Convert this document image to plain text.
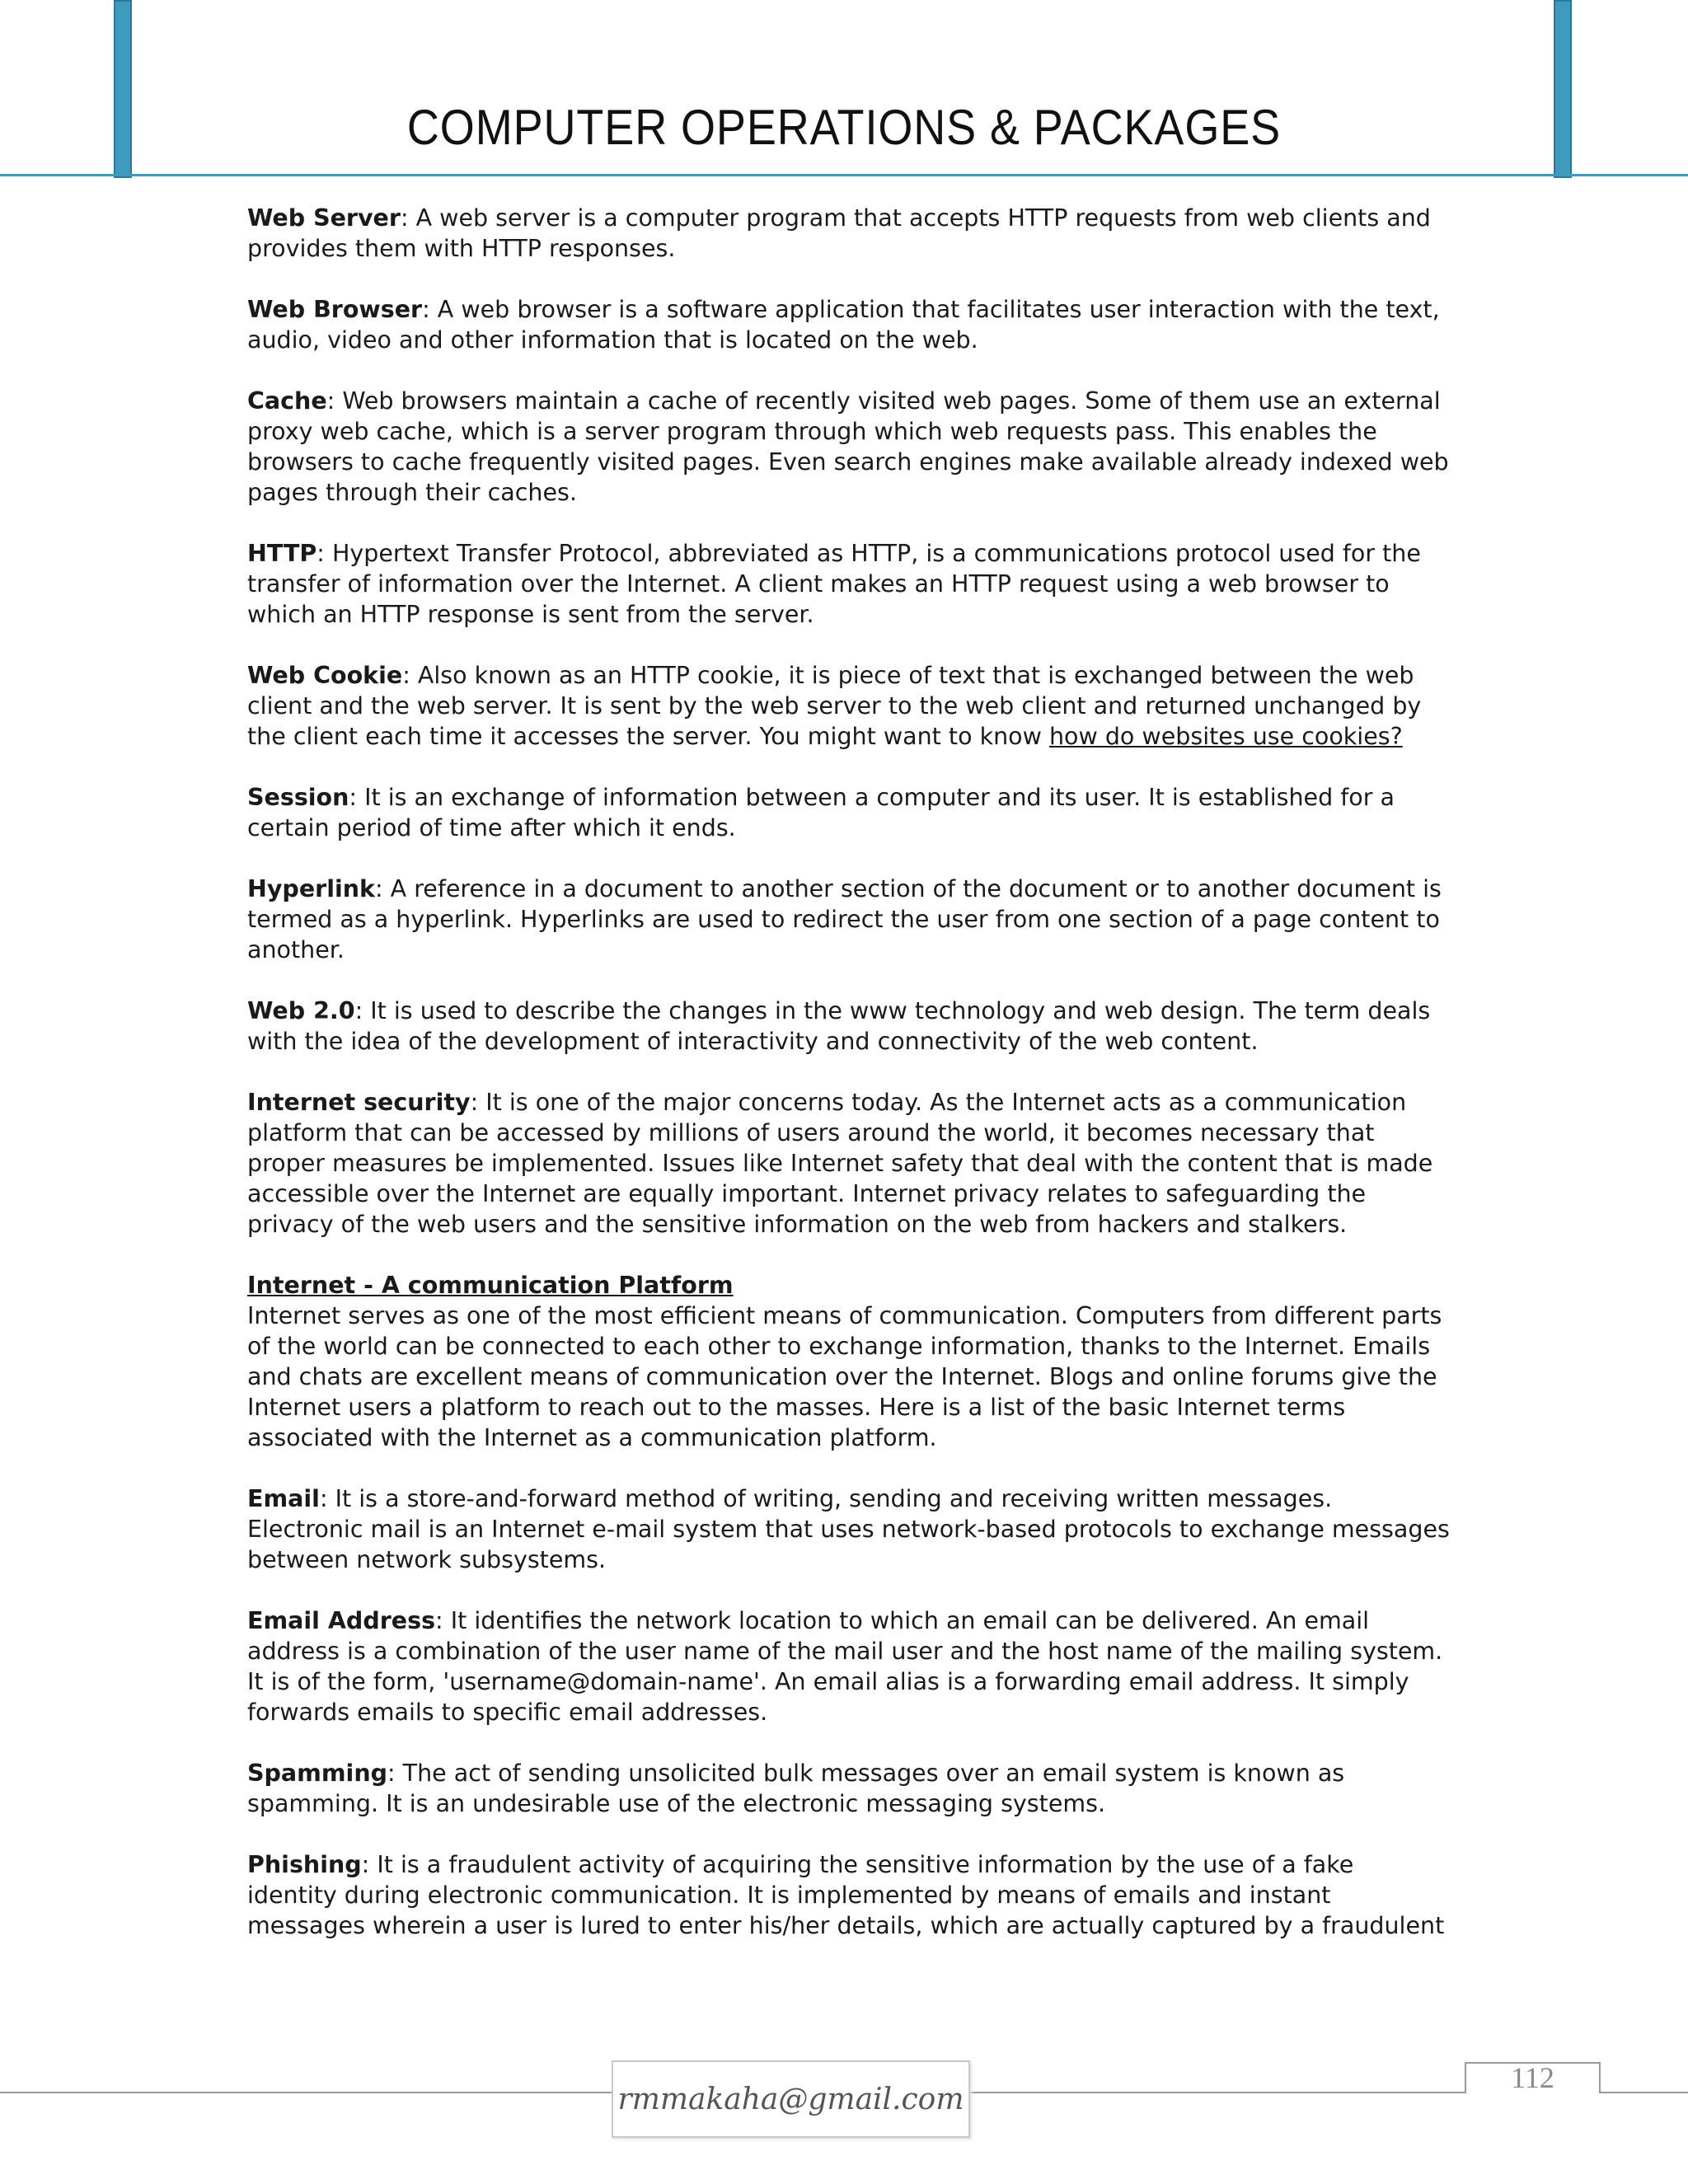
COMPUTER OPERATIONS & PACKAGES

Web Server: A web server is a computer program that accepts HTTP requests from web clients and provides them with HTTP responses.

Web Browser: A web browser is a software application that facilitates user interaction with the text, audio, video and other information that is located on the web.

Cache: Web browsers maintain a cache of recently visited web pages. Some of them use an external proxy web cache, which is a server program through which web requests pass. This enables the browsers to cache frequently visited pages. Even search engines make available already indexed web pages through their caches.

HTTP: Hypertext Transfer Protocol, abbreviated as HTTP, is a communications protocol used for the transfer of information over the Internet. A client makes an HTTP request using a web browser to which an HTTP response is sent from the server.

Web Cookie: Also known as an HTTP cookie, it is piece of text that is exchanged between the web client and the web server. It is sent by the web server to the web client and returned unchanged by the client each time it accesses the server. You might want to know how do websites use cookies?

Session: It is an exchange of information between a computer and its user. It is established for a certain period of time after which it ends.

Hyperlink: A reference in a document to another section of the document or to another document is termed as a hyperlink. Hyperlinks are used to redirect the user from one section of a page content to another.

Web 2.0: It is used to describe the changes in the www technology and web design. The term deals with the idea of the development of interactivity and connectivity of the web content.

Internet security: It is one of the major concerns today. As the Internet acts as a communication platform that can be accessed by millions of users around the world, it becomes necessary that proper measures be implemented. Issues like Internet safety that deal with the content that is made accessible over the Internet are equally important. Internet privacy relates to safeguarding the privacy of the web users and the sensitive information on the web from hackers and stalkers.

Internet - A communication Platform
Internet serves as one of the most efficient means of communication. Computers from different parts of the world can be connected to each other to exchange information, thanks to the Internet. Emails and chats are excellent means of communication over the Internet. Blogs and online forums give the Internet users a platform to reach out to the masses. Here is a list of the basic Internet terms associated with the Internet as a communication platform.

Email: It is a store-and-forward method of writing, sending and receiving written messages. Electronic mail is an Internet e-mail system that uses network-based protocols to exchange messages between network subsystems.

Email Address: It identifies the network location to which an email can be delivered. An email address is a combination of the user name of the mail user and the host name of the mailing system. It is of the form, 'username@domain-name'. An email alias is a forwarding email address. It simply forwards emails to specific email addresses.

Spamming: The act of sending unsolicited bulk messages over an email system is known as spamming. It is an undesirable use of the electronic messaging systems.

Phishing: It is a fraudulent activity of acquiring the sensitive information by the use of a fake identity during electronic communication. It is implemented by means of emails and instant messages wherein a user is lured to enter his/her details, which are actually captured by a fraudulent

rmmakaha@gmail.com
112
